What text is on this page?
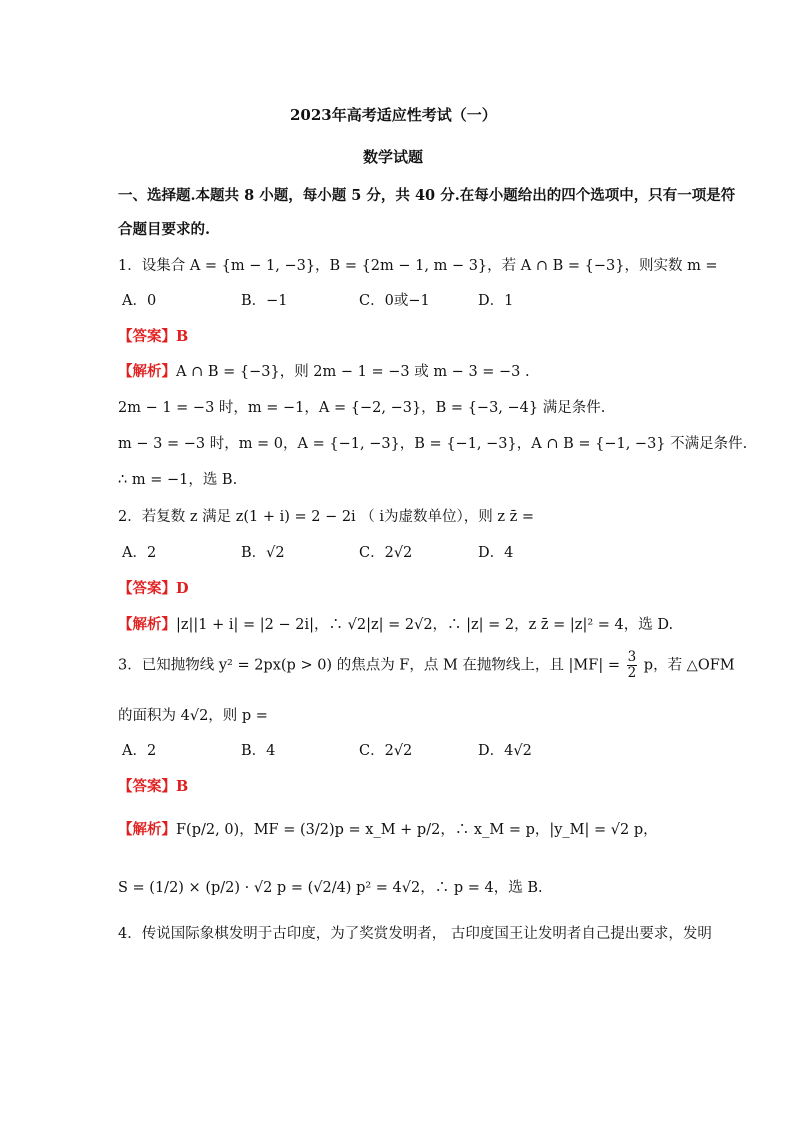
2023年高考适应性考试（一）
数学试题
一、选择题.本题共 8 小题，每小题 5 分，共 40 分.在每小题给出的四个选项中，只有一项是符
合题目要求的.
1．设集合 A = {m − 1, −3}，B = {2m − 1, m − 3}，若 A ∩ B = {−3}，则实数 m =
A．0	B．−1	C．0或−1	D．1
【答案】B
【解析】A ∩ B = {−3}，则 2m − 1 = −3 或 m − 3 = −3 .
2m − 1 = −3 时，m = −1，A = {−2, −3}，B = {−3, −4} 满足条件.
m − 3 = −3 时，m = 0，A = {−1, −3}，B = {−1, −3}，A ∩ B = {−1, −3} 不满足条件.
∴ m = −1，选 B.
2．若复数 z 满足 z(1 + i) = 2 − 2i （ i为虚数单位），则 z z̄ =
A．2	B．√2	C．2√2	D．4
【答案】D
【解析】|z||1 + i| = |2 − 2i|，∴ √2|z| = 2√2，∴ |z| = 2，z z̄ = |z|² = 4，选 D.
3．已知抛物线 y² = 2px(p > 0) 的焦点为 F，点 M 在抛物线上，且 $|MF| = \frac{3}{2}$ p，若 △OFM
的面积为 4√2，则 p =
A．2	B．4	C．2√2	D．4√2
【答案】B
【解析】F(p/2, 0)，MF = (3/2)p = x_M + p/2，∴ x_M = p，|y_M| = √2 p，
S = (1/2) × (p/2) · √2 p = (√2/4) p² = 4√2，∴ p = 4，选 B.
4．传说国际象棋发明于古印度，为了奖赏发明者， 古印度国王让发明者自己提出要求，发明
